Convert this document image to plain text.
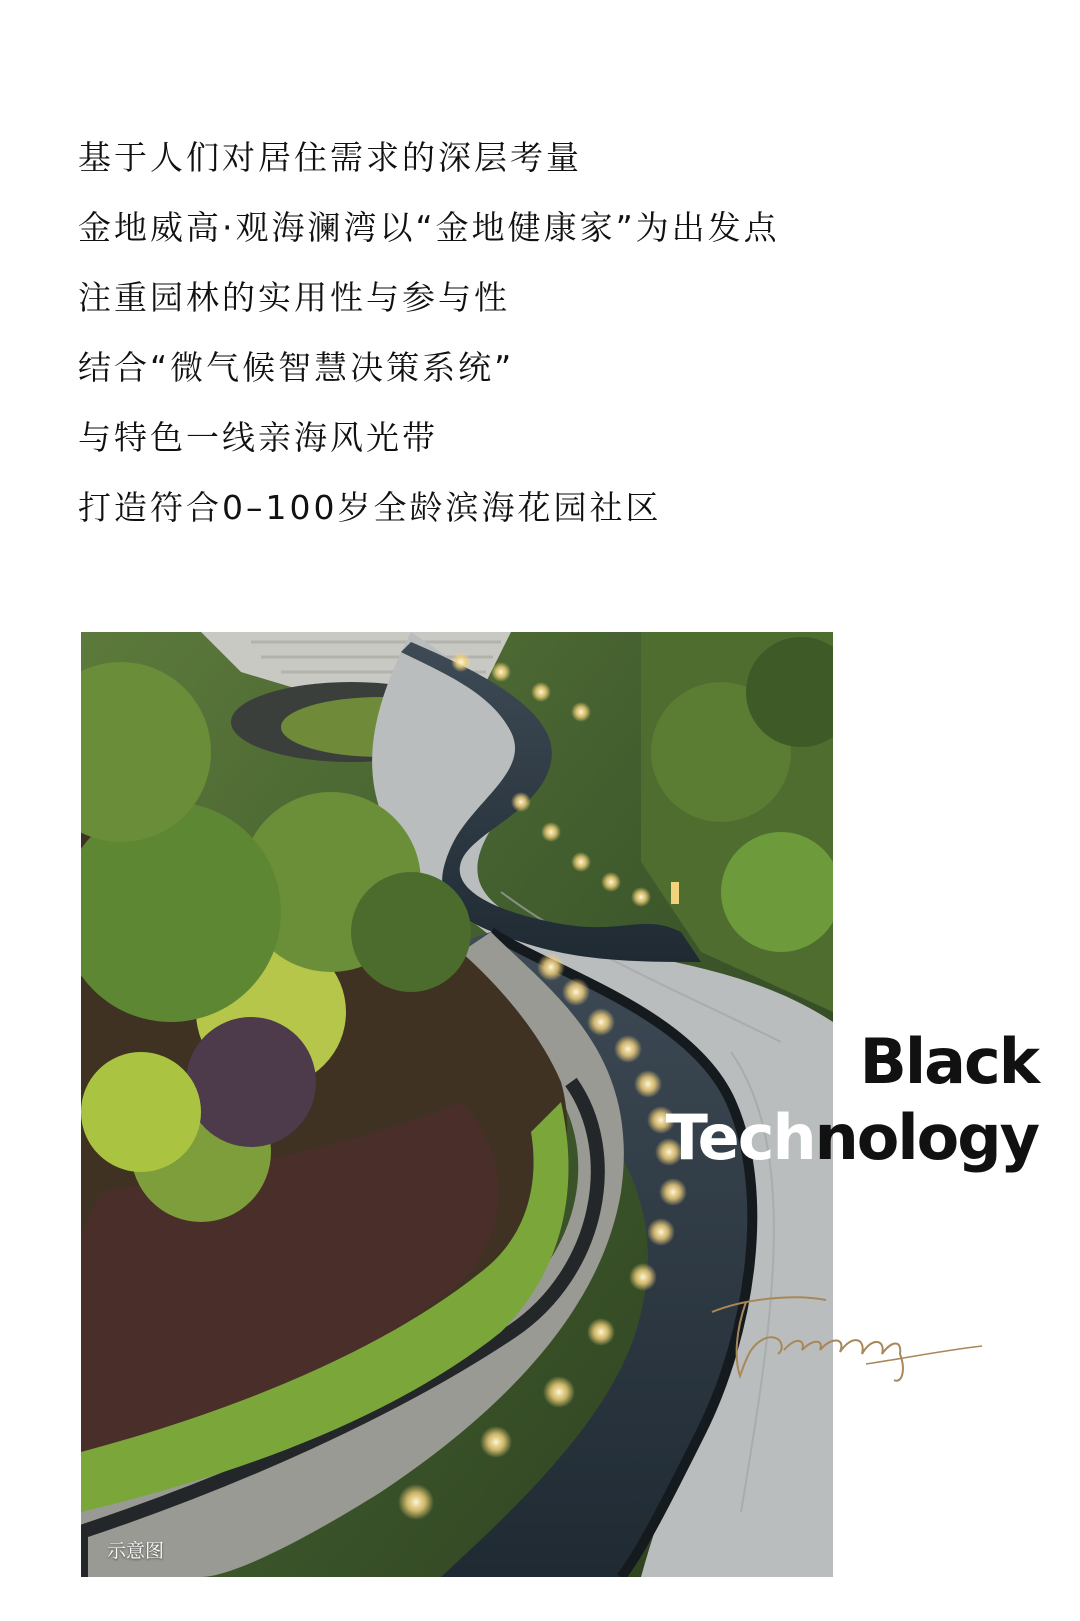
基于人们对居住需求的深层考量
金地威高·观海澜湾以“金地健康家”为出发点
注重园林的实用性与参与性
结合“微气候智慧决策系统”
与特色一线亲海风光带
打造符合0–100岁全龄滨海花园社区
示意图
Black
Technology
